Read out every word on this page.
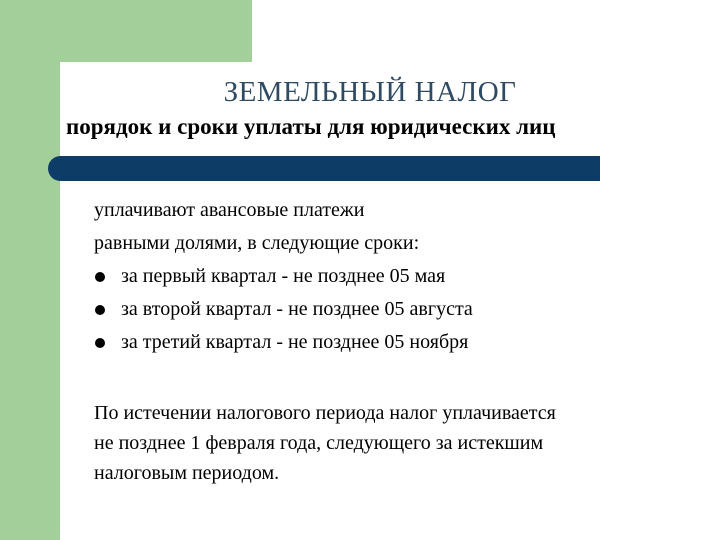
ЗЕМЕЛЬНЫЙ НАЛОГ
порядок и сроки уплаты для юридических лиц
уплачивают авансовые платежи
равными долями, в следующие сроки:
за первый квартал - не позднее 05 мая
за второй квартал - не позднее 05 августа
за третий квартал - не позднее 05 ноября
По истечении налогового периода налог уплачивается
не позднее 1 февраля года, следующего за истекшим
налоговым периодом.
